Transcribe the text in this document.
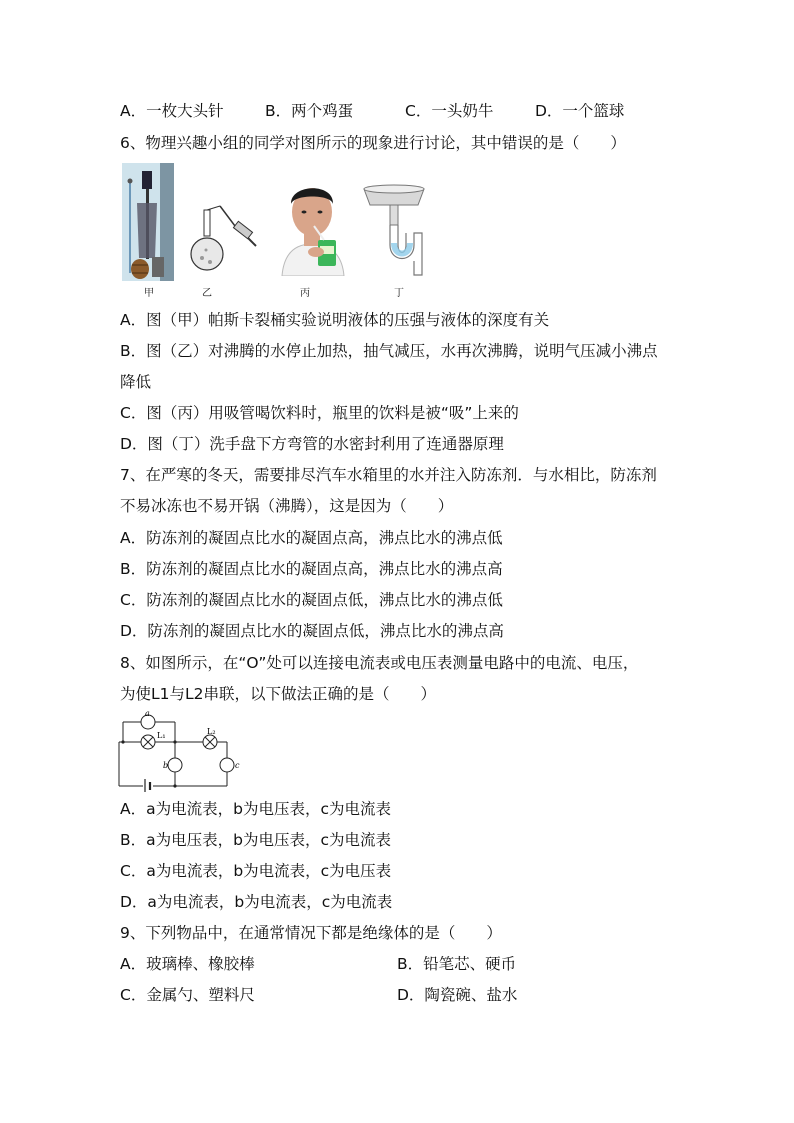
A．一枚大头针	B．两个鸡蛋	C．一头奶牛	D．一个篮球
6、物理兴趣小组的同学对图所示的现象进行讨论，其中错误的是（　　）
甲	乙	丙	丁
A．图（甲）帕斯卡裂桶实验说明液体的压强与液体的深度有关
B．图（乙）对沸腾的水停止加热，抽气减压，水再次沸腾，说明气压减小沸点
降低
C．图（丙）用吸管喝饮料时，瓶里的饮料是被“吸”上来的
D．图（丁）洗手盘下方弯管的水密封利用了连通器原理
7、在严寒的冬天，需要排尽汽车水箱里的水并注入防冻剂．与水相比，防冻剂
不易冰冻也不易开锅（沸腾），这是因为（　　）
A．防冻剂的凝固点比水的凝固点高，沸点比水的沸点低
B．防冻剂的凝固点比水的凝固点高，沸点比水的沸点高
C．防冻剂的凝固点比水的凝固点低，沸点比水的沸点低
D．防冻剂的凝固点比水的凝固点低，沸点比水的沸点高
8、如图所示，在“O”处可以连接电流表或电压表测量电路中的电流、电压，
为使L1与L2串联，以下做法正确的是（　　）
a
L₁	L₂
b	c
A．a为电流表，b为电压表，c为电流表
B．a为电压表，b为电压表，c为电流表
C．a为电流表，b为电流表，c为电压表
D．a为电流表，b为电流表，c为电流表
9、下列物品中，在通常情况下都是绝缘体的是（　　）
A．玻璃棒、橡胶棒	B．铅笔芯、硬币
C．金属勺、塑料尺	D．陶瓷碗、盐水
